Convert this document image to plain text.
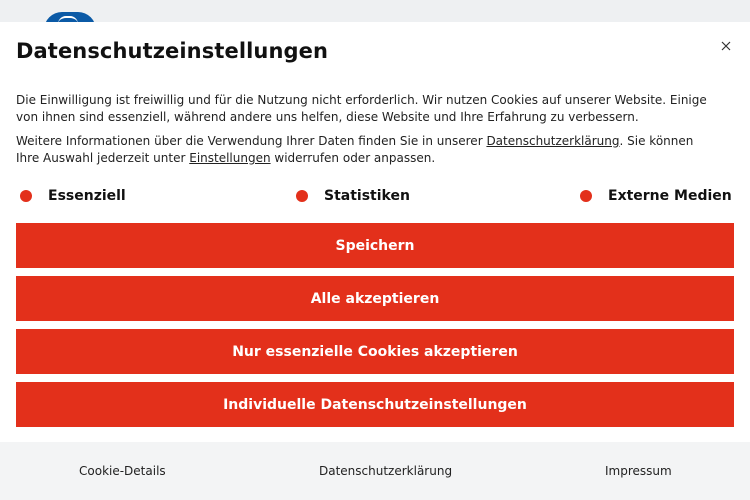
Datenschutzeinstellungen

Die Einwilligung ist freiwillig und für die Nutzung nicht erforderlich. Wir nutzen Cookies auf unserer Website. Einige von ihnen sind essenziell, während andere uns helfen, diese Website und Ihre Erfahrung zu verbessern.

Weitere Informationen über die Verwendung Ihrer Daten finden Sie in unserer Datenschutzerklärung. Sie können Ihre Auswahl jederzeit unter Einstellungen widerrufen oder anpassen.

Essenziell	Statistiken	Externe Medien
Speichern
Alle akzeptieren
Nur essenzielle Cookies akzeptieren
Individuelle Datenschutzeinstellungen
Cookie-Details	Datenschutzerklärung	Impressum
